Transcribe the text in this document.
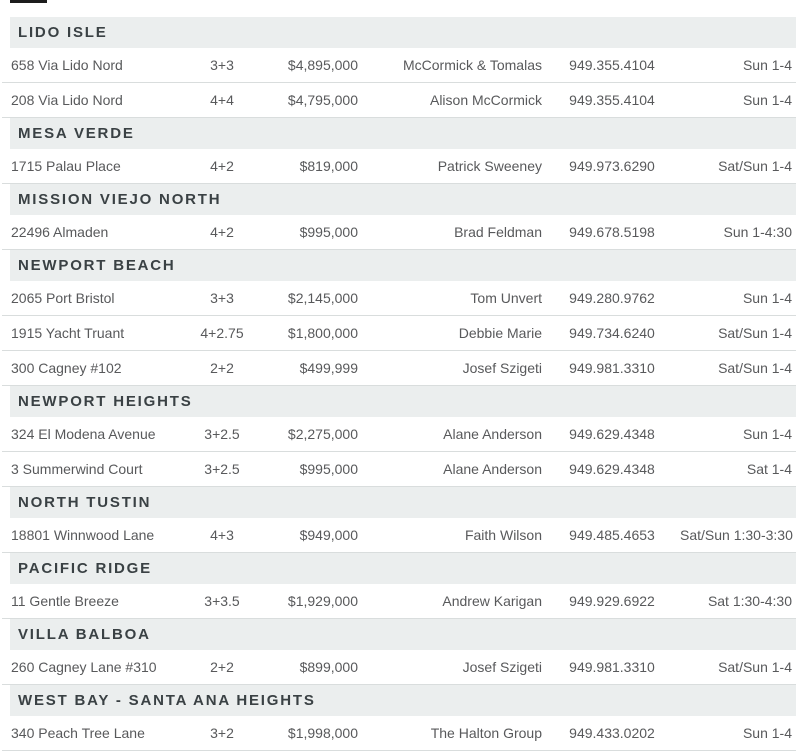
LIDO ISLE
658 Via Lido Nord	3+3	$4,895,000	McCormick & Tomalas	949.355.4104	Sun 1-4
208 Via Lido Nord	4+4	$4,795,000	Alison McCormick	949.355.4104	Sun 1-4
MESA VERDE
1715 Palau Place	4+2	$819,000	Patrick Sweeney	949.973.6290	Sat/Sun 1-4
MISSION VIEJO NORTH
22496 Almaden	4+2	$995,000	Brad Feldman	949.678.5198	Sun 1-4:30
NEWPORT BEACH
2065 Port Bristol	3+3	$2,145,000	Tom Unvert	949.280.9762	Sun 1-4
1915 Yacht Truant	4+2.75	$1,800,000	Debbie Marie	949.734.6240	Sat/Sun 1-4
300 Cagney #102	2+2	$499,999	Josef Szigeti	949.981.3310	Sat/Sun 1-4
NEWPORT HEIGHTS
324 El Modena Avenue	3+2.5	$2,275,000	Alane Anderson	949.629.4348	Sun 1-4
3 Summerwind Court	3+2.5	$995,000	Alane Anderson	949.629.4348	Sat 1-4
NORTH TUSTIN
18801 Winnwood Lane	4+3	$949,000	Faith Wilson	949.485.4653	Sat/Sun 1:30-3:30
PACIFIC RIDGE
11 Gentle Breeze	3+3.5	$1,929,000	Andrew Karigan	949.929.6922	Sat 1:30-4:30
VILLA BALBOA
260 Cagney Lane #310	2+2	$899,000	Josef Szigeti	949.981.3310	Sat/Sun 1-4
WEST BAY - SANTA ANA HEIGHTS
340 Peach Tree Lane	3+2	$1,998,000	The Halton Group	949.433.0202	Sun 1-4
